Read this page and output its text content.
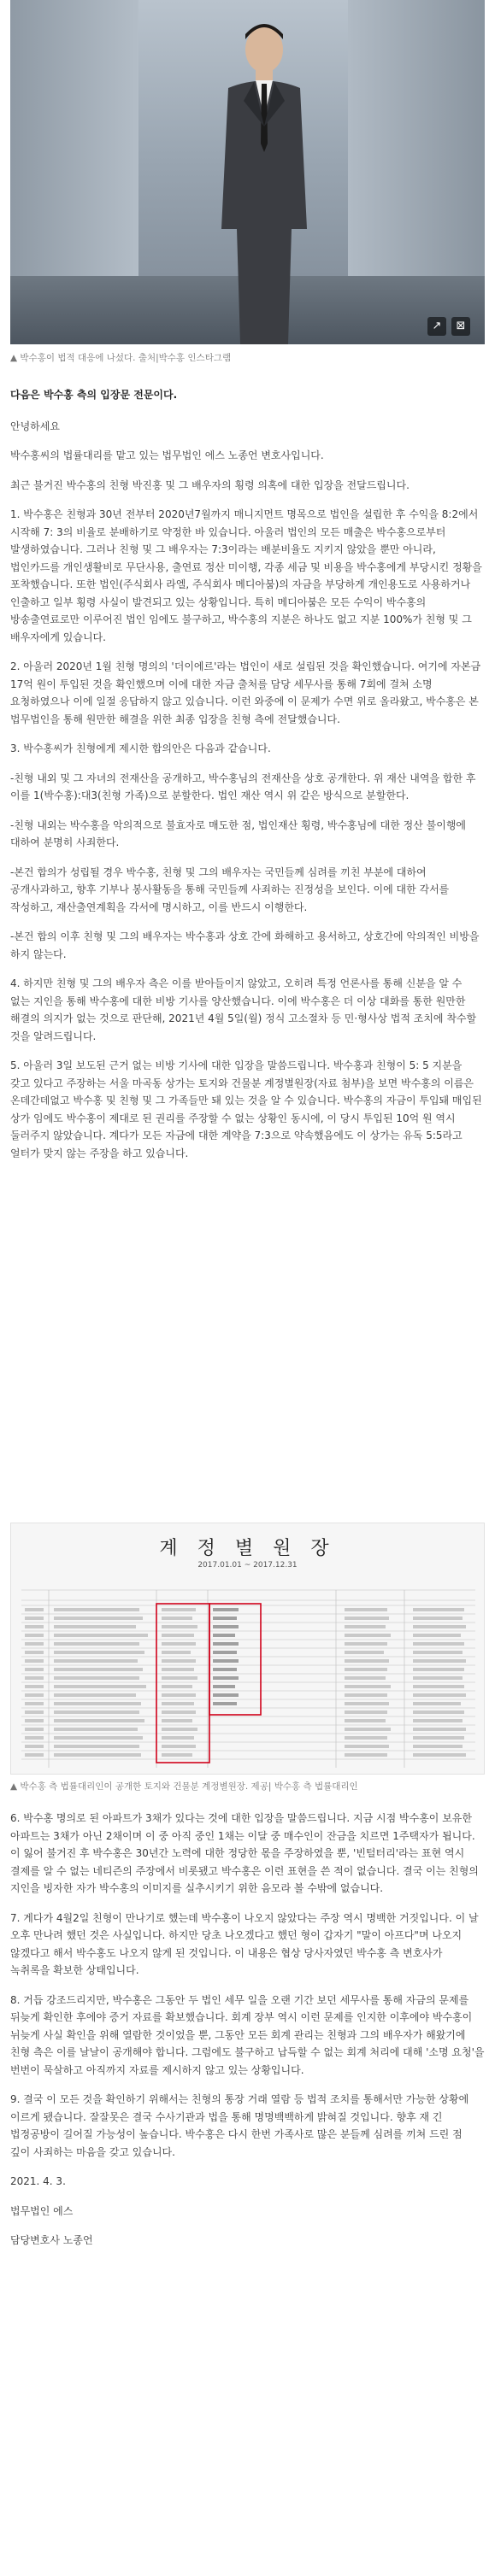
↗	⊠
▲ 박수홍이 법적 대응에 나섰다. 출처|박수홍 인스타그램

다음은 박수홍 측의 입장문 전문이다.

안녕하세요

박수홍씨의 법률대리를 맡고 있는 법무법인 에스 노종언 변호사입니다.

최근 불거진 박수홍의 친형 박진홍 및 그 배우자의 횡령 의혹에 대한 입장을 전달드립니다.

1. 박수홍은 친형과 30년 전부터 2020년7월까지 매니지먼트 명목으로 법인을 설립한 후 수익을 8:2에서 시작해 7: 3의 비율로 분배하기로 약정한 바 있습니다. 아울러 법인의 모든 매출은 박수홍으로부터 발생하였습니다. 그러나 친형 및 그 배우자는 7:3이라는 배분비율도 지키지 않았을 뿐만 아니라, 법인카드를 개인생활비로 무단사용, 출연료 정산 미이행, 각종 세금 및 비용을 박수홍에게 부당시킨 정황을 포착했습니다. 또한 법인(주식회사 라엘, 주식회사 메디아붐)의 자금을 부당하게 개인용도로 사용하거나 인출하고 일부 횡령 사실이 발견되고 있는 상황입니다. 특히 메디아붐은 모든 수익이 박수홍의 방송출연료로만 이루어진 법인 임에도 불구하고, 박수홍의 지분은 하나도 없고 지분 100%가 친형 및 그 배우자에게 있습니다.

2. 아울러 2020년 1월 친형 명의의 '더이에르'라는 법인이 새로 설립된 것을 확인했습니다. 여기에 자본금 17억 원이 투입된 것을 확인했으며 이에 대한 자금 출처를 담당 세무사를 통해 7회에 걸쳐 소명 요청하였으나 이에 일절 응답하지 않고 있습니다. 이런 와중에 이 문제가 수면 위로 올라왔고, 박수홍은 본 법무법인을 통해 원만한 해결을 위한 최종 입장을 친형 측에 전달했습니다.

3. 박수홍씨가 친형에게 제시한 합의안은 다음과 같습니다.

-친형 내외 및 그 자녀의 전재산을 공개하고, 박수홍님의 전재산을 상호 공개한다. 위 재산 내역을 합한 후 이를 1(박수홍):대3(친형 가족)으로 분할한다. 법인 재산 역시 위 같은 방식으로 분할한다.

-친형 내외는 박수홍을 악의적으로 불효자로 매도한 점, 법인재산 횡령, 박수홍님에 대한 정산 불이행에 대하여 분명히 사죄한다.

-본건 합의가 성립될 경우 박수홍, 친형 및 그의 배우자는 국민들께 심려를 끼친 부분에 대하여 공개사과하고, 향후 기부나 봉사활동을 통해 국민들께 사죄하는 진정성을 보인다. 이에 대한 각서를 작성하고, 재산출연계획을 각서에 명시하고, 이를 반드시 이행한다.

-본건 합의 이후 친형 및 그의 배우자는 박수홍과 상호 간에 화해하고 용서하고, 상호간에 악의적인 비방을 하지 않는다.

4. 하지만 친형 및 그의 배우자 측은 이를 받아들이지 않았고, 오히려 특정 언론사를 통해 신분을 알 수 없는 지인을 통해 박수홍에 대한 비방 기사를 양산했습니다. 이에 박수홍은 더 이상 대화를 통한 원만한 해결의 의지가 없는 것으로 판단해, 2021년 4월 5일(월) 정식 고소절차 등 민·형사상 법적 조치에 착수할 것을 알려드립니다.

5. 아울러 3일 보도된 근거 없는 비방 기사에 대한 입장을 말씀드립니다. 박수홍과 친형이 5: 5 지분을 갖고 있다고 주장하는 서울 마곡동 상가는 토지와 건물분 계정별원장(자료 첨부)을 보면 박수홍의 이름은 온데간데없고 박수홍 및 친형 및 그 가족들만 돼 있는 것을 알 수 있습니다. 박수홍의 자금이 투입돼 매입된 상가 임에도 박수홍이 제대로 된 권리를 주장할 수 없는 상황인 동시에, 이 당시 투입된 10억 원 역시 둘러주지 않았습니다. 계다가 모든 자금에 대한 계약을 7:3으로 약속했음에도 이 상가는 유독 5:5라고 얼터가 맞지 않는 주장을 하고 있습니다.

계 정 별 원 장
2017.01.01 ~ 2017.12.31
▲ 박수홍 측 법률대리인이 공개한 토지와 건물분 계정별원장. 제공| 박수홍 측 법률대리인

6. 박수홍 명의로 된 아파트가 3채가 있다는 것에 대한 입장을 말씀드립니다. 지금 시점 박수홍이 보유한 아파트는 3채가 아닌 2채이며 이 중 아직 중인 1채는 이달 중 매수인이 잔금을 치르면 1주택자가 됩니다. 이 잃어 불거진 후 박수홍은 30년간 노력에 대한 정당한 몫을 주장하였을 뿐, '빈털터리'라는 표현 역시 결제를 알 수 없는 네티즌의 주장에서 비롯됐고 박수홍은 이런 표현을 쓴 적이 없습니다. 결국 이는 친형의 지인을 빙자한 자가 박수홍의 이미지를 실추시키기 위한 음모라 볼 수밖에 없습니다.

7. 게다가 4월2일 친형이 만나기로 했는데 박수홍이 나오지 않았다는 주장 역시 명백한 거짓입니다. 이 날 오후 만나려 했던 것은 사실입니다. 하지만 당초 나오겠다고 했던 형이 갑자기 "말이 아프다"며 나오지 않겠다고 해서 박수홍도 나오지 않게 된 것입니다. 이 내용은 협상 당사자였던 박수홍 측 변호사가 녹취록을 확보한 상태입니다.

8. 거듭 강조드리지만, 박수홍은 그동안 두 법인 세무 일을 오랜 기간 보던 세무사를 통해 자금의 문제를 뒤늦게 확인한 후에야 증거 자료를 확보했습니다. 회계 장부 역시 이런 문제를 인지한 이후에야 박수홍이 뉘늦게 사실 확인을 위해 열람한 것이었을 뿐, 그동안 모든 회계 관리는 친형과 그의 배우자가 해왔기에 친형 측은 이를 날날이 공개해야 합니다. 그럼에도 불구하고 납득할 수 없는 회계 처리에 대해 '소명 요청'을 번번이 묵살하고 아직까지 자료를 제시하지 않고 있는 상황입니다.

9. 결국 이 모든 것을 확인하기 위해서는 친형의 통장 거래 열람 등 법적 조치를 통해서만 가능한 상황에 이르게 됐습니다. 잘잘못은 결국 수사기관과 법을 통해 명명백백하게 밝혀질 것입니다. 향후 재 긴 법정공방이 길어질 가능성이 높습니다. 박수홍은 다시 한번 가족사로 많은 분들께 심려를 끼쳐 드린 점 깊이 사죄하는 마음을 갖고 있습니다.

2021. 4. 3.

법무법인 에스

담당변호사 노종언
